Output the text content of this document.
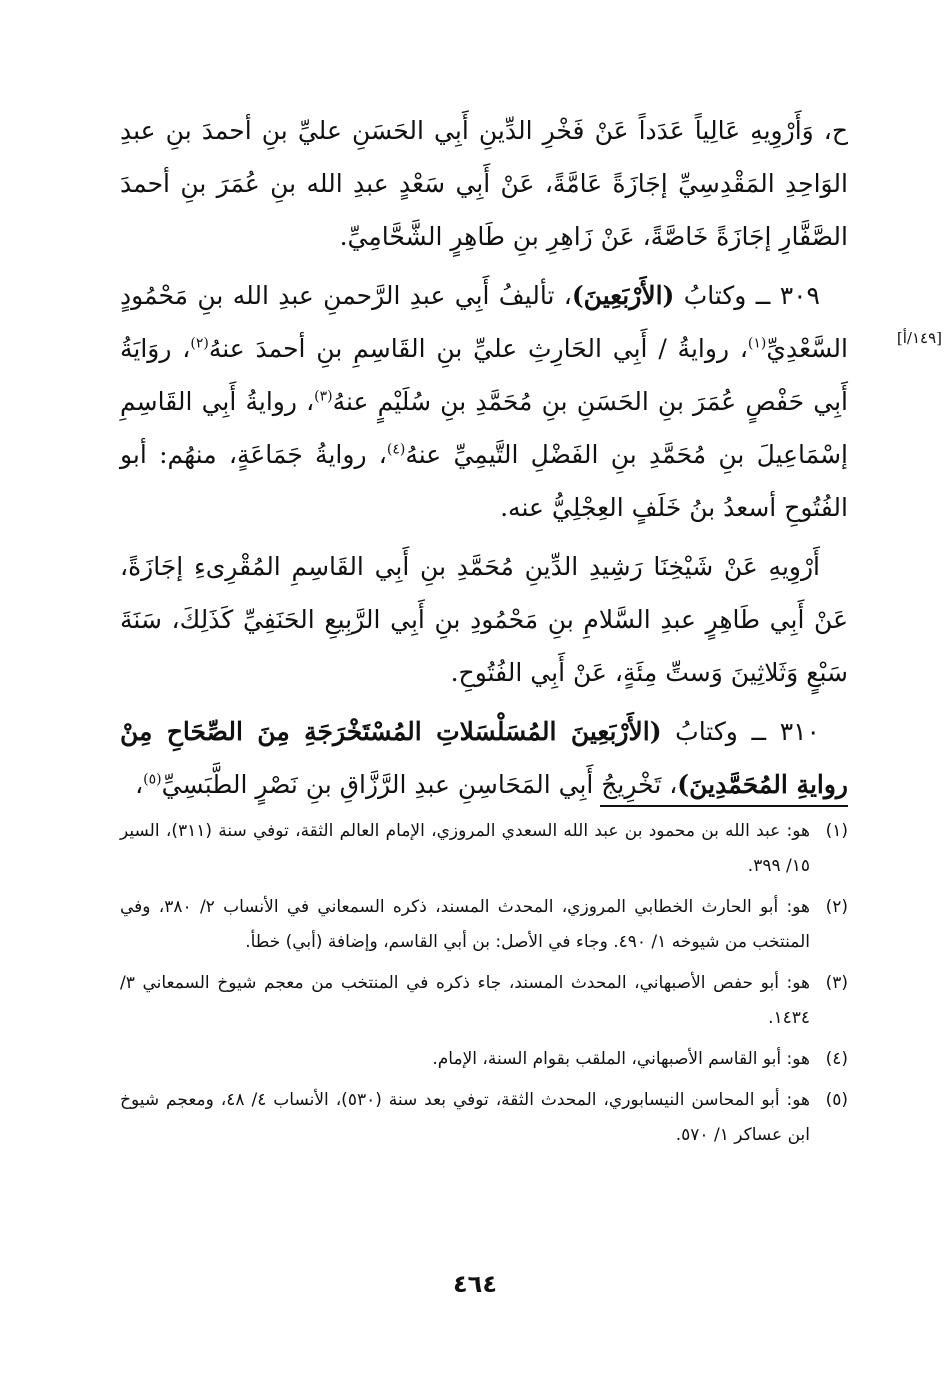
ح، وَأَرْوِيهِ عَالِياً عَدَداً عَنْ فَخْرِ الدِّينِ أَبِي الحَسَنِ عليِّ بنِ أحمدَ بنِ عبدِ الوَاحِدِ المَقْدِسِيِّ إجَازَةً عَامَّةً، عَنْ أَبِي سَعْدٍ عبدِ الله بنِ عُمَرَ بنِ أحمدَ الصَّفَّارِ إجَازَةً خَاصَّةً، عَنْ زَاهِرِ بنِ طَاهِرٍ الشَّحَّامِيِّ.

٣٠٩ ــ وكتابُ (الأَرْبَعِينَ)، تأليفُ أَبِي عبدِ الرَّحمنِ عبدِ الله بنِ مَحْمُودٍ السَّعْدِيِّ$^{(١)}$، روايةُ / أَبِي الحَارِثِ عليِّ بنِ القَاسِمِ بنِ أحمدَ عنهُ$^{(٢)}$، روَايَةُ أَبِي حَفْصٍ عُمَرَ بنِ الحَسَنِ بنِ مُحَمَّدِ بنِ سُلَيْمٍ عنهُ$^{(٣)}$، روايةُ أَبِي القَاسِمِ إسْمَاعِيلَ بنِ مُحَمَّدِ بنِ الفَضْلِ التَّيمِيِّ عنهُ$^{(٤)}$، روايةُ جَمَاعَةٍ، منهُم: أبو الفُتُوحِ أسعدُ بنُ خَلَفٍ العِجْلِيُّ عنه.

أَرْوِيهِ عَنْ شَيْخِنَا رَشِيدِ الدِّينِ مُحَمَّدِ بنِ أَبِي القَاسِمِ المُقْرِىءِ إجَازَةً، عَنْ أَبِي طَاهِرٍ عبدِ السَّلامِ بنِ مَحْمُودِ بنِ أَبِي الرَّبِيعِ الحَنَفِيِّ كَذَلِكَ، سَنَةَ سَبْعٍ وَثَلاثِينَ وَستِّ مِئَةٍ، عَنْ أَبِي الفُتُوحِ.

٣١٠ ــ وكتابُ (الأَرْبَعِينَ المُسَلْسَلاتِ المُسْتَخْرَجَةِ مِنَ الصِّحَاحِ مِنْ روايةِ المُحَمَّدِينَ)، تَخْرِيجُ أَبِي المَحَاسِنِ عبدِ الرَّزَّاقِ بنِ نَصْرٍ الطَّبَسِيِّ$^{(٥)}$،

[١٤٩/أ]

(١)
هو: عبد الله بن محمود بن عبد الله السعدي المروزي، الإمام العالم الثقة، توفي سنة (٣١١)، السير ١٥/ ٣٩٩.

(٢)
هو: أبو الحارث الخطابي المروزي، المحدث المسند، ذكره السمعاني في الأنساب ٢/ ٣٨٠، وفي المنتخب من شيوخه ١/ ٤٩٠. وجاء في الأصل: بن أبي القاسم، وإضافة (أبي) خطأ.

(٣)
هو: أبو حفص الأصبهاني، المحدث المسند، جاء ذكره في المنتخب من معجم شيوخ السمعاني ٣/ ١٤٣٤.

(٤)
هو: أبو القاسم الأصبهاني، الملقب بقوام السنة، الإمام.

(٥)
هو: أبو المحاسن النيسابوري، المحدث الثقة، توفي بعد سنة (٥٣٠)، الأنساب ٤/ ٤٨، ومعجم شيوخ ابن عساكر ١/ ٥٧٠.

٤٦٤
